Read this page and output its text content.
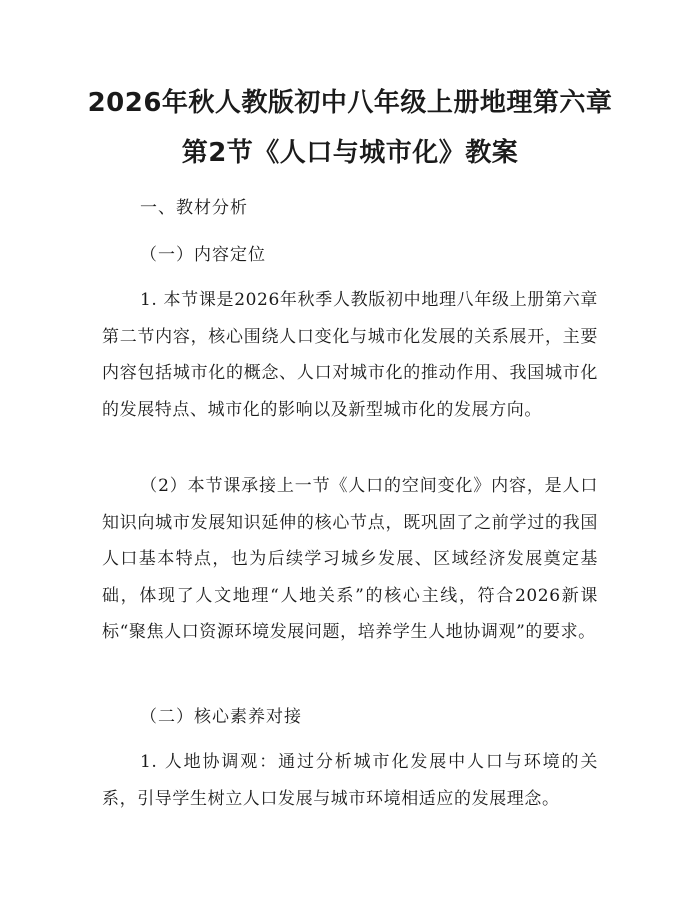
2026年秋人教版初中八年级上册地理第六章
第2节《人口与城市化》教案
一、教材分析
（一）内容定位
1. 本节课是2026年秋季人教版初中地理八年级上册第六章第二节内容，核心围绕人口变化与城市化发展的关系展开，主要内容包括城市化的概念、人口对城市化的推动作用、我国城市化的发展特点、城市化的影响以及新型城市化的发展方向。
（2）本节课承接上一节《人口的空间变化》内容，是人口知识向城市发展知识延伸的核心节点，既巩固了之前学过的我国人口基本特点，也为后续学习城乡发展、区域经济发展奠定基础，体现了人文地理“人地关系”的核心主线，符合2026新课标“聚焦人口资源环境发展问题，培养学生人地协调观”的要求。
（二）核心素养对接
1. 人地协调观：通过分析城市化发展中人口与环境的关系，引导学生树立人口发展与城市环境相适应的发展理念。
